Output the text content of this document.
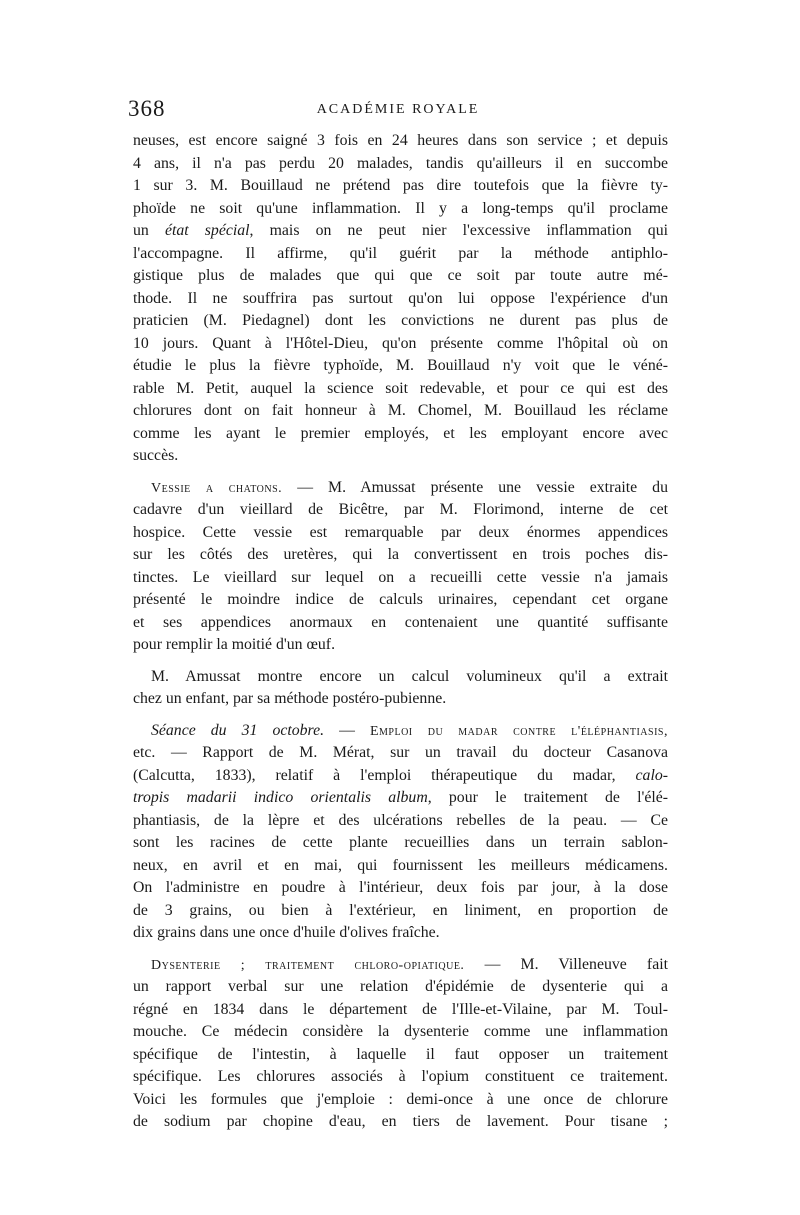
368	ACADÉMIE ROYALE
neuses, est encore saigné 3 fois en 24 heures dans son service ; et depuis
4 ans, il n'a pas perdu 20 malades, tandis qu'ailleurs il en succombe
1 sur 3. M. Bouillaud ne prétend pas dire toutefois que la fièvre ty-
phoïde ne soit qu'une inflammation. Il y a long-temps qu'il proclame
un état spécial, mais on ne peut nier l'excessive inflammation qui
l'accompagne. Il affirme, qu'il guérit par la méthode antiphlo-
gistique plus de malades que qui que ce soit par toute autre mé-
thode. Il ne souffrira pas surtout qu'on lui oppose l'expérience d'un
praticien (M. Piedagnel) dont les convictions ne durent pas plus de
10 jours. Quant à l'Hôtel-Dieu, qu'on présente comme l'hôpital où on
étudie le plus la fièvre typhoïde, M. Bouillaud n'y voit que le véné-
rable M. Petit, auquel la science soit redevable, et pour ce qui est des
chlorures dont on fait honneur à M. Chomel, M. Bouillaud les réclame
comme les ayant le premier employés, et les employant encore avec
succès.
Vessie a chatons. — M. Amussat présente une vessie extraite du
cadavre d'un vieillard de Bicêtre, par M. Florimond, interne de cet
hospice. Cette vessie est remarquable par deux énormes appendices
sur les côtés des uretères, qui la convertissent en trois poches dis-
tinctes. Le vieillard sur lequel on a recueilli cette vessie n'a jamais
présenté le moindre indice de calculs urinaires, cependant cet organe
et ses appendices anormaux en contenaient une quantité suffisante
pour remplir la moitié d'un œuf.
M. Amussat montre encore un calcul volumineux qu'il a extrait
chez un enfant, par sa méthode postéro-pubienne.
Séance du 31 octobre. — Emploi du madar contre l'éléphantiasis,
etc. — Rapport de M. Mérat, sur un travail du docteur Casanova
(Calcutta, 1833), relatif à l'emploi thérapeutique du madar, calo-
tropis madarii indico orientalis album, pour le traitement de l'élé-
phantiasis, de la lèpre et des ulcérations rebelles de la peau. — Ce
sont les racines de cette plante recueillies dans un terrain sablon-
neux, en avril et en mai, qui fournissent les meilleurs médicamens.
On l'administre en poudre à l'intérieur, deux fois par jour, à la dose
de 3 grains, ou bien à l'extérieur, en liniment, en proportion de
dix grains dans une once d'huile d'olives fraîche.
Dysenterie ; traitement chloro-opiatique. — M. Villeneuve fait
un rapport verbal sur une relation d'épidémie de dysenterie qui a
régné en 1834 dans le département de l'Ille-et-Vilaine, par M. Toul-
mouche. Ce médecin considère la dysenterie comme une inflammation
spécifique de l'intestin, à laquelle il faut opposer un traitement
spécifique. Les chlorures associés à l'opium constituent ce traitement.
Voici les formules que j'emploie : demi-once à une once de chlorure
de sodium par chopine d'eau, en tiers de lavement. Pour tisane ;
